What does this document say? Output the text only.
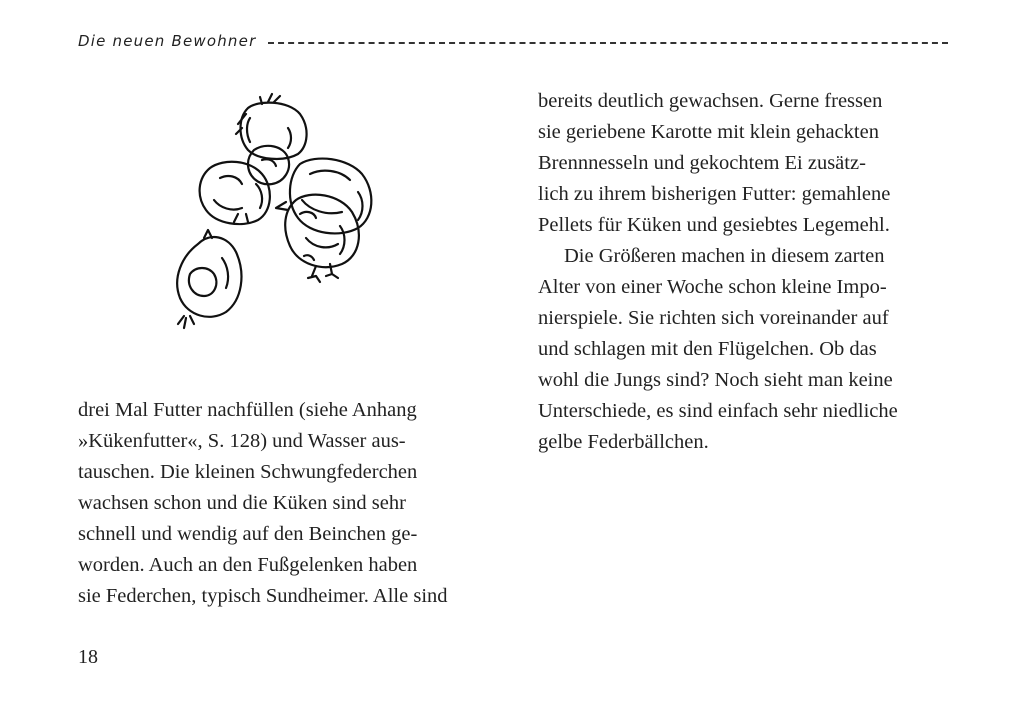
Die neuen Bewohner

drei Mal Futter nachfüllen (siehe Anhang
»Kükenfutter«, S. 128) und Wasser aus-
tauschen. Die kleinen Schwungfederchen
wachsen schon und die Küken sind sehr
schnell und wendig auf den Beinchen ge-
worden. Auch an den Fußgelenken haben
sie Federchen, typisch Sundheimer. Alle sind

bereits deutlich gewachsen. Gerne fressen
sie geriebene Karotte mit klein gehackten
Brennnesseln und gekochtem Ei zusätz-
lich zu ihrem bisherigen Futter: gemahlene
Pellets für Küken und gesiebtes Legemehl.

Die Größeren machen in diesem zarten
Alter von einer Woche schon kleine Impo-
nierspiele. Sie richten sich voreinander auf
und schlagen mit den Flügelchen. Ob das
wohl die Jungs sind? Noch sieht man keine
Unterschiede, es sind einfach sehr niedliche
gelbe Federbällchen.

18
